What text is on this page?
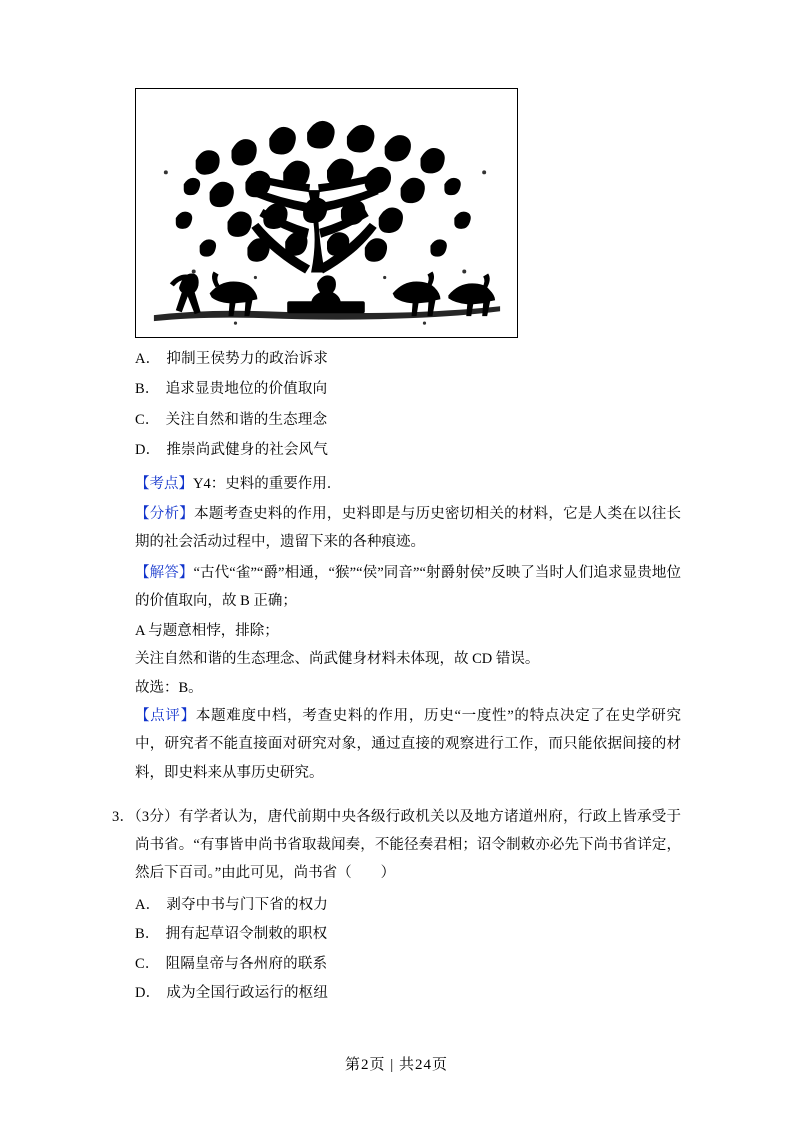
A． 抑制王侯势力的政治诉求
B． 追求显贵地位的价值取向
C． 关注自然和谐的生态理念
D． 推崇尚武健身的社会风气
【考点】Y4：史料的重要作用．
【分析】本题考查史料的作用，史料即是与历史密切相关的材料，它是人类在以往长期的社会活动过程中，遗留下来的各种痕迹。
【解答】“古代“雀”“爵”相通，“猴”“侯”同音”“射爵射侯”反映了当时人们追求显贵地位的价值取向，故 B 正确；
A 与题意相悖，排除；
关注自然和谐的生态理念、尚武健身材料未体现，故 CD 错误。
故选：B。
【点评】本题难度中档，考查史料的作用，历史“一度性”的特点决定了在史学研究中，研究者不能直接面对研究对象，通过直接的观察进行工作，而只能依据间接的材料，即史料来从事历史研究。
3．（3分）有学者认为，唐代前期中央各级行政机关以及地方诸道州府，行政上皆承受于尚书省。“有事皆申尚书省取裁闻奏，不能径奏君相；诏令制敕亦必先下尚书省详定，然后下百司。”由此可见，尚书省（　　）
A． 剥夺中书与门下省的权力
B． 拥有起草诏令制敕的职权
C． 阻隔皇帝与各州府的联系
D． 成为全国行政运行的枢纽
第2页 | 共24页
